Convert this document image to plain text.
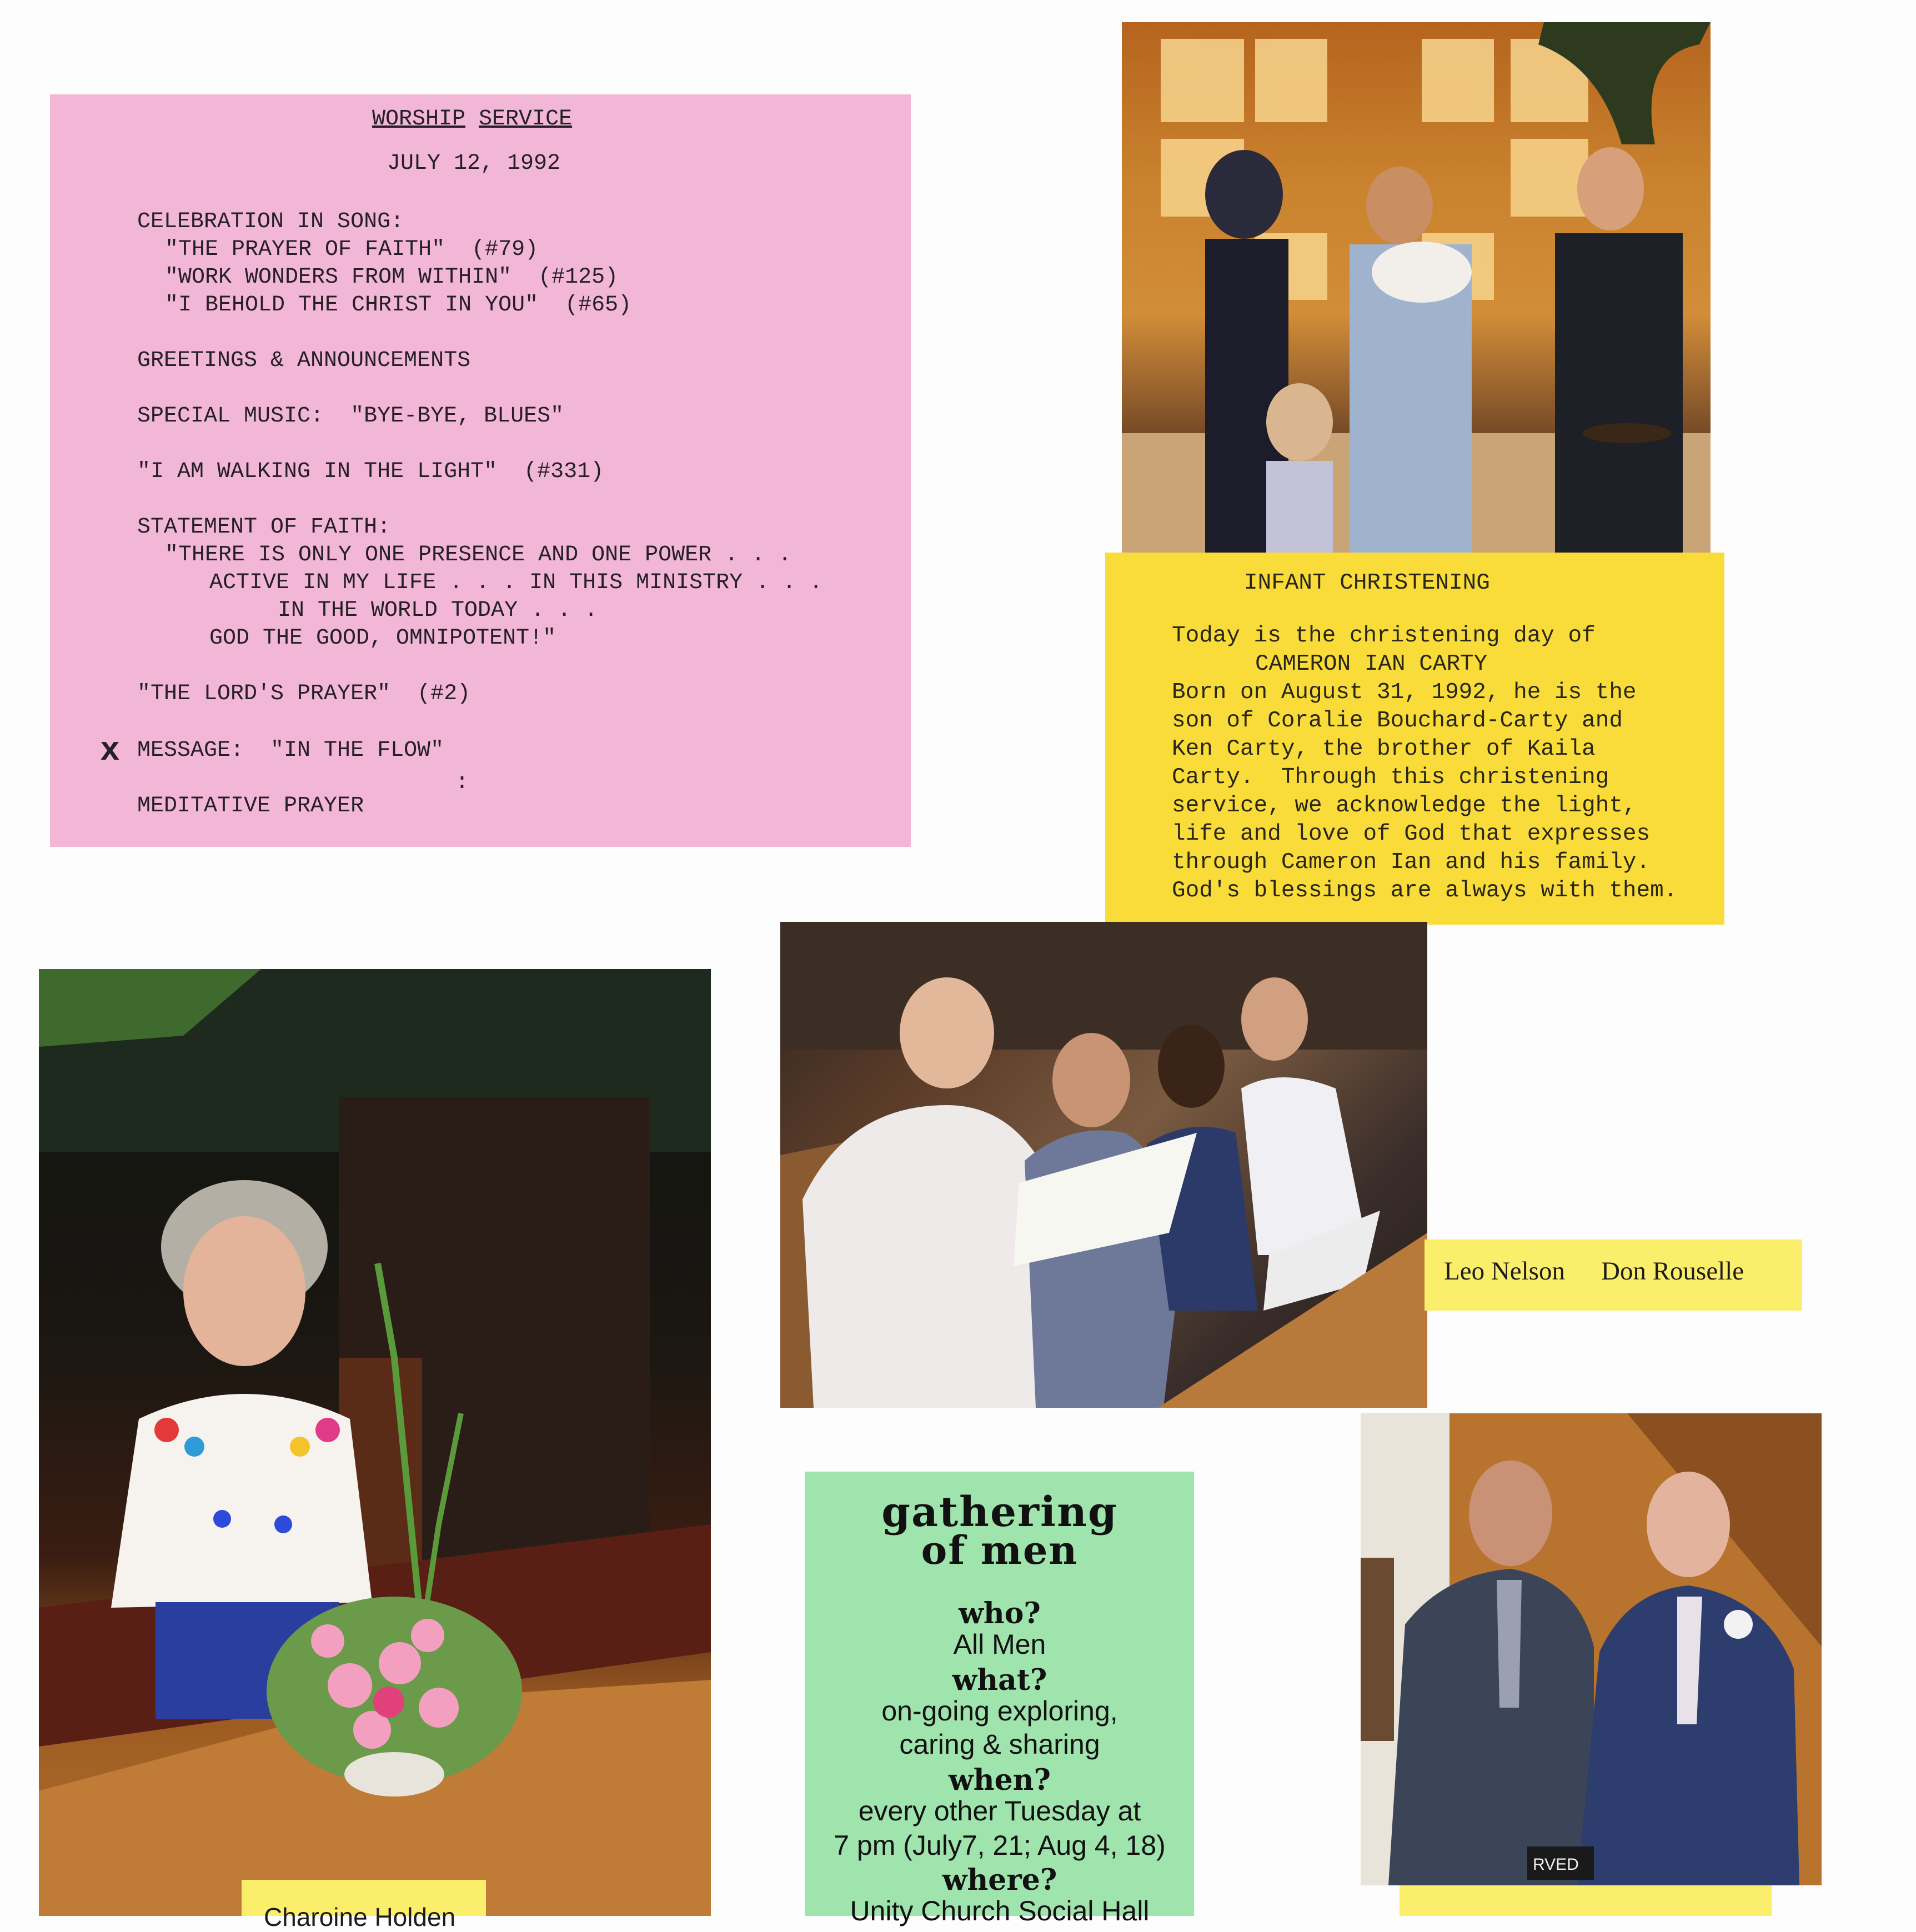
WORSHIP SERVICE
JULY 12, 1992
CELEBRATION IN SONG:
"THE PRAYER OF FAITH"  (#79)
"WORK WONDERS FROM WITHIN"  (#125)
"I BEHOLD THE CHRIST IN YOU"  (#65)
GREETINGS & ANNOUNCEMENTS
SPECIAL MUSIC:  "BYE-BYE, BLUES"
"I AM WALKING IN THE LIGHT"  (#331)
STATEMENT OF FAITH:
"THERE IS ONLY ONE PRESENCE AND ONE POWER . . .
ACTIVE IN MY LIFE . . . IN THIS MINISTRY . . .
IN THE WORLD TODAY . . .
GOD THE GOOD, OMNIPOTENT!"
"THE LORD'S PRAYER"  (#2)
x MESSAGE:  "IN THE FLOW"
:
MEDITATIVE PRAYER
INFANT CHRISTENING
Today is the christening day of
CAMERON IAN CARTY
Born on August 31, 1992, he is the
son of Coralie Bouchard-Carty and
Ken Carty, the brother of Kaila
Carty.  Through this christening
service, we acknowledge the light,
life and love of God that expresses
through Cameron Ian and his family.
God's blessings are always with them.
Leo Nelson Don Rouselle
gathering
of men
who?
All Men
what?
on-going exploring,
caring & sharing
when?
every other Tuesday at
7 pm (July7, 21; Aug 4, 18)
where?
Unity Church Social Hall
RVED
Charoine Holden
